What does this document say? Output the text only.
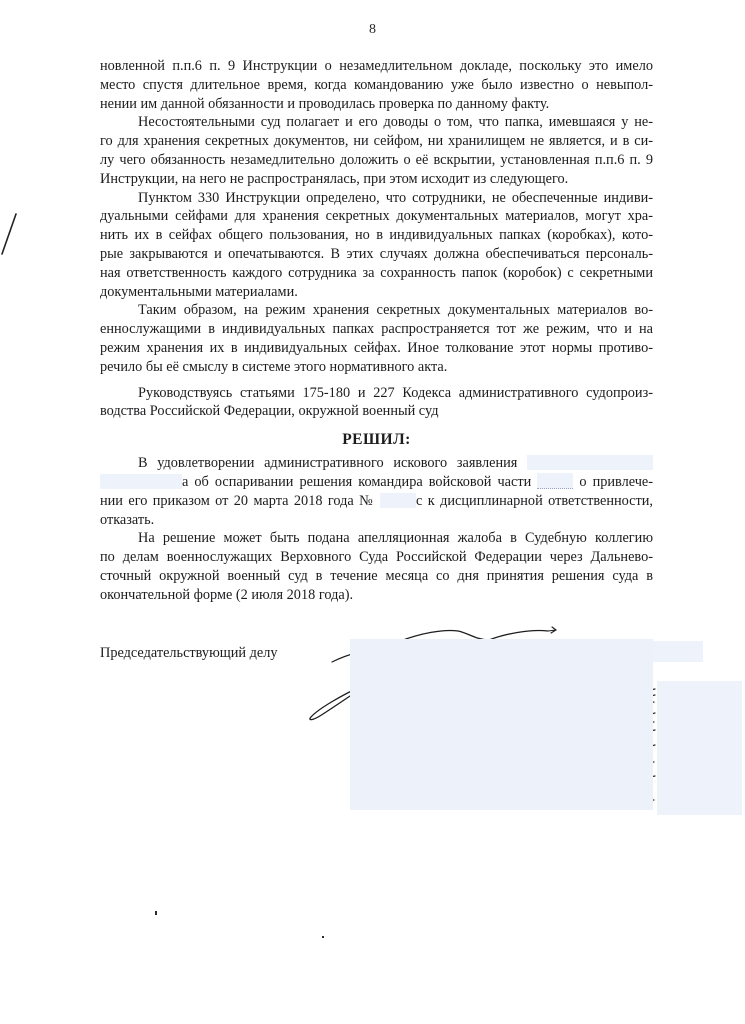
8
новленной п.п.6 п. 9 Инструкции о незамедлительном докладе, поскольку это имело
место спустя длительное время, когда командованию уже было известно о невыпол-
нении им данной обязанности и проводилась проверка по данному факту.
Несостоятельными суд полагает и его доводы о том, что папка, имевшаяся у не-
го для хранения секретных документов, ни сейфом, ни хранилищем не является, и в си-
лу чего обязанность незамедлительно доложить о её вскрытии, установленная п.п.6 п. 9
Инструкции, на него не распространялась, при этом исходит из следующего.
Пунктом 330 Инструкции определено, что сотрудники, не обеспеченные индиви-
дуальными сейфами для хранения секретных документальных материалов, могут хра-
нить их в сейфах общего пользования, но в индивидуальных папках (коробках), кото-
рые закрываются и опечатываются. В этих случаях должна обеспечиваться персональ-
ная ответственность каждого сотрудника за сохранность папок (коробок) с секретными
документальными материалами.
Таким образом, на режим хранения секретных документальных материалов во-
еннослужащими в индивидуальных папках распространяется тот же режим, что и на
режим хранения их в индивидуальных сейфах. Иное толкование этот нормы противо-
речило бы её смыслу в системе этого нормативного акта.
Руководствуясь статьями 175-180 и 227 Кодекса административного судопроиз-
водства Российской Федерации, окружной военный суд
РЕШИЛ:
В удовлетворении административного искового заявления
а об оспаривании решения командира войсковой части	о привлече-
нии его приказом от 20 марта 2018 года №	с к дисциплинарной ответственности,
отказать.
На решение может быть подана апелляционная жалоба в Судебную коллегию
по делам военнослужащих Верховного Суда Российской Федерации через Дальнево-
сточный окружной военный суд в течение месяца со дня принятия решения суда в
окончательной форме (2 июля 2018 года).
Председательствующий делу
